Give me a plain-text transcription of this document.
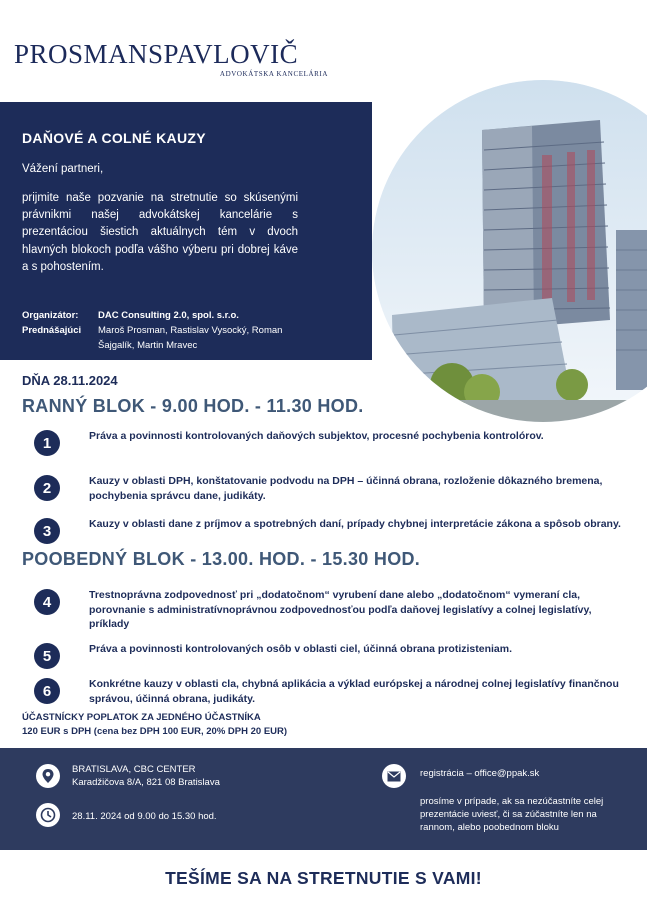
PROSMANSPAVLOVIČ
ADVOKÁTSKA KANCELÁRIA
DAŇOVÉ A COLNÉ KAUZY
Vážení partneri,
prijmite naše pozvanie na stretnutie so skúsenými právnikmi našej advokátskej kancelárie s prezentáciou šiestich aktuálnych tém v dvoch hlavných blokoch podľa vášho výberu pri dobrej káve a s pohostením.
Organizátor:	DAC Consulting 2.0, spol. s.r.o.
Prednášajúci	Maroš Prosman, Rastislav Vysocký, Roman Šajgalík, Martin Mravec
DŇA 28.11.2024
RANNÝ BLOK - 9.00 HOD. - 11.30 HOD.
1	Práva a povinnosti kontrolovaných daňových subjektov, procesné pochybenia kontrolórov.
2	Kauzy v oblasti DPH, konštatovanie podvodu na DPH – účinná obrana, rozloženie dôkazného bremena, pochybenia správcu dane, judikáty.
3	Kauzy v oblasti dane z príjmov a spotrebných daní, prípady chybnej interpretácie zákona a spôsob obrany.
POOBEDNÝ BLOK - 13.00. HOD. - 15.30 HOD.
4	Trestnoprávna zodpovednosť pri „dodatočnom“ vyrubení dane alebo „dodatočnom“ vymeraní cla, porovnanie s administratívnoprávnou zodpovednosťou podľa daňovej legislatívy a colnej legislatívy, príklady
5	Práva a povinnosti kontrolovaných osôb v oblasti ciel, účinná obrana protizisteniam.
6	Konkrétne kauzy v oblasti cla, chybná aplikácia a výklad európskej a národnej colnej legislatívy finančnou správou, účinná obrana, judikáty.
ÚČASTNÍCKY POPLATOK ZA JEDNÉHO ÚČASTNÍKA
120 EUR s DPH (cena bez DPH 100 EUR, 20% DPH 20 EUR)
BRATISLAVA, CBC CENTER
Karadžičova 8/A, 821 08 Bratislava
28.11. 2024 od 9.00 do 15.30 hod.
registrácia – office@ppak.sk
prosíme v prípade, ak sa nezúčastníte celej prezentácie uviesť, či sa zúčastníte len na rannom, alebo poobednom bloku
TEŠÍME SA NA STRETNUTIE S VAMI!
